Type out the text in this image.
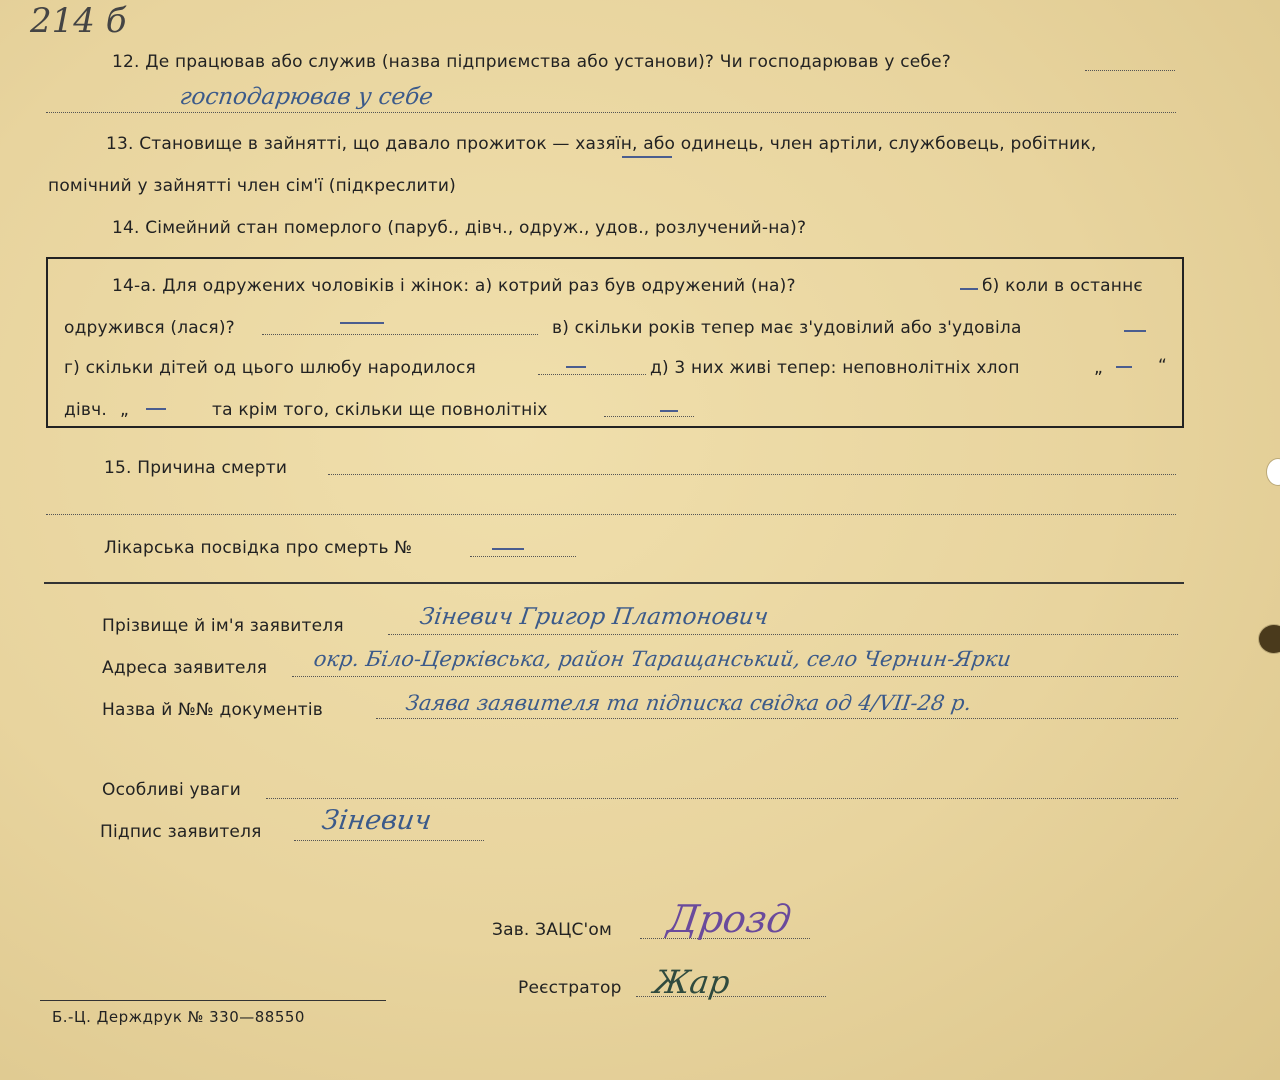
214 б
12. Де працював або служив (назва підприємства або установи)? Чи господарював у себе?
господарював у себе
13. Становище в зайнятті, що давало прожиток — хазяїн, або одинець, член артіли, службовець, робітник,
помічний у зайнятті член сім'ї (підкреслити)
14. Сімейний стан померлого (паруб., дівч., одруж., удов., розлучений-на)?
14-а. Для одружених чоловіків і жінок: а) котрий раз був одружений (на)?	б) коли в останнє
одружився (лася)?	в) скільки років тепер має з'удовілий або з'удовіла
г) скільки дітей од цього шлюбу народилося	д) 3 них живі тепер: неповнолітніх хлоп	„	“
дівч. „	та крім того, скільки ще повнолітніх
15. Причина смерти
Лікарська посвідка про смерть №
Прізвище й ім'я заявителя	Зіневич Григор Платонович
Адреса заявителя окр. Біло-Церківська, район Таращанський, село Чернин-Ярки
Назва й №№ документів	Заява заявителя та підписка свідка од 4/VII-28 р.
Особливі уваги
Підпис заявителя Зіневич
Зав. ЗАЦС'ом Дрозд
Реєстратор Жар
Б.-Ц. Держдрук № 330—88550
